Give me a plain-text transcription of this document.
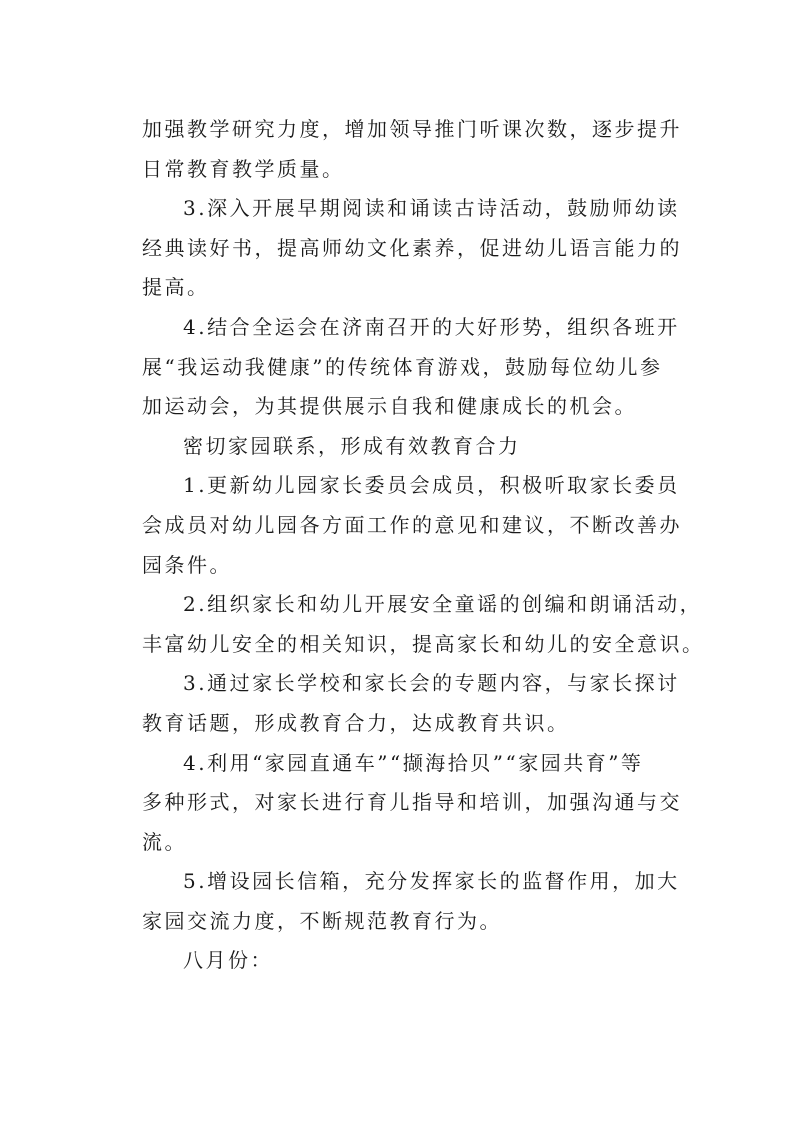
加强教学研究力度，增加领导推门听课次数，逐步提升
日常教育教学质量。
3.深入开展早期阅读和诵读古诗活动，鼓励师幼读
经典读好书，提高师幼文化素养，促进幼儿语言能力的
提高。
4.结合全运会在济南召开的大好形势，组织各班开
展“我运动我健康”的传统体育游戏，鼓励每位幼儿参
加运动会，为其提供展示自我和健康成长的机会。
密切家园联系，形成有效教育合力
1.更新幼儿园家长委员会成员，积极听取家长委员
会成员对幼儿园各方面工作的意见和建议，不断改善办
园条件。
2.组织家长和幼儿开展安全童谣的创编和朗诵活动，
丰富幼儿安全的相关知识，提高家长和幼儿的安全意识。
3.通过家长学校和家长会的专题内容，与家长探讨
教育话题，形成教育合力，达成教育共识。
4.利用“家园直通车”“撷海拾贝”“家园共育”等
多种形式，对家长进行育儿指导和培训，加强沟通与交
流。
5.增设园长信箱，充分发挥家长的监督作用，加大
家园交流力度，不断规范教育行为。
八月份：
